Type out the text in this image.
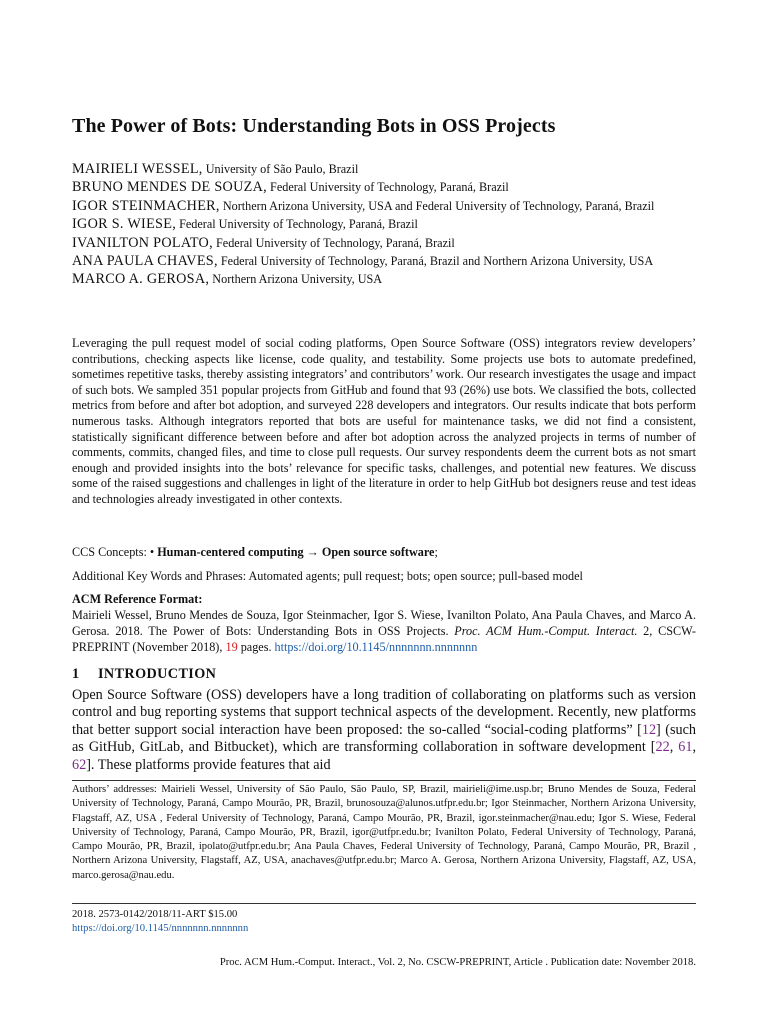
The Power of Bots: Understanding Bots in OSS Projects
MAIRIELI WESSEL, University of São Paulo, Brazil
BRUNO MENDES DE SOUZA, Federal University of Technology, Paraná, Brazil
IGOR STEINMACHER, Northern Arizona University, USA and Federal University of Technology, Paraná, Brazil
IGOR S. WIESE, Federal University of Technology, Paraná, Brazil
IVANILTON POLATO, Federal University of Technology, Paraná, Brazil
ANA PAULA CHAVES, Federal University of Technology, Paraná, Brazil and Northern Arizona University, USA
MARCO A. GEROSA, Northern Arizona University, USA
Leveraging the pull request model of social coding platforms, Open Source Software (OSS) integrators review developers’ contributions, checking aspects like license, code quality, and testability. Some projects use bots to automate predefined, sometimes repetitive tasks, thereby assisting integrators’ and contributors’ work. Our research investigates the usage and impact of such bots. We sampled 351 popular projects from GitHub and found that 93 (26%) use bots. We classified the bots, collected metrics from before and after bot adoption, and surveyed 228 developers and integrators. Our results indicate that bots perform numerous tasks. Although integrators reported that bots are useful for maintenance tasks, we did not find a consistent, statistically significant difference between before and after bot adoption across the analyzed projects in terms of number of comments, commits, changed files, and time to close pull requests. Our survey respondents deem the current bots as not smart enough and provided insights into the bots’ relevance for specific tasks, challenges, and potential new features. We discuss some of the raised suggestions and challenges in light of the literature in order to help GitHub bot designers reuse and test ideas and technologies already investigated in other contexts.
CCS Concepts: • Human-centered computing → Open source software;
Additional Key Words and Phrases: Automated agents; pull request; bots; open source; pull-based model
ACM Reference Format:
Mairieli Wessel, Bruno Mendes de Souza, Igor Steinmacher, Igor S. Wiese, Ivanilton Polato, Ana Paula Chaves, and Marco A. Gerosa. 2018. The Power of Bots: Understanding Bots in OSS Projects. Proc. ACM Hum.-Comput. Interact. 2, CSCW-PREPRINT (November 2018), 19 pages. https://doi.org/10.1145/nnnnnnn.nnnnnnn
1 INTRODUCTION
Open Source Software (OSS) developers have a long tradition of collaborating on platforms such as version control and bug reporting systems that support technical aspects of the development. Recently, new platforms that better support social interaction have been proposed: the so-called “social-coding platforms” [12] (such as GitHub, GitLab, and Bitbucket), which are transforming collaboration in software development [22, 61, 62]. These platforms provide features that aid
Authors’ addresses: Mairieli Wessel, University of São Paulo, São Paulo, SP, Brazil, mairieli@ime.usp.br; Bruno Mendes de Souza, Federal University of Technology, Paraná, Campo Mourão, PR, Brazil, brunosouza@alunos.utfpr.edu.br; Igor Steinmacher, Northern Arizona University, Flagstaff, AZ, USA , Federal University of Technology, Paraná, Campo Mourão, PR, Brazil, igor.steinmacher@nau.edu; Igor S. Wiese, Federal University of Technology, Paraná, Campo Mourão, PR, Brazil, igor@utfpr.edu.br; Ivanilton Polato, Federal University of Technology, Paraná, Campo Mourão, PR, Brazil, ipolato@utfpr.edu.br; Ana Paula Chaves, Federal University of Technology, Paraná, Campo Mourão, PR, Brazil , Northern Arizona University, Flagstaff, AZ, USA, anachaves@utfpr.edu.br; Marco A. Gerosa, Northern Arizona University, Flagstaff, AZ, USA, marco.gerosa@nau.edu.
2018. 2573-0142/2018/11-ART $15.00
https://doi.org/10.1145/nnnnnnn.nnnnnnn
Proc. ACM Hum.-Comput. Interact., Vol. 2, No. CSCW-PREPRINT, Article . Publication date: November 2018.
